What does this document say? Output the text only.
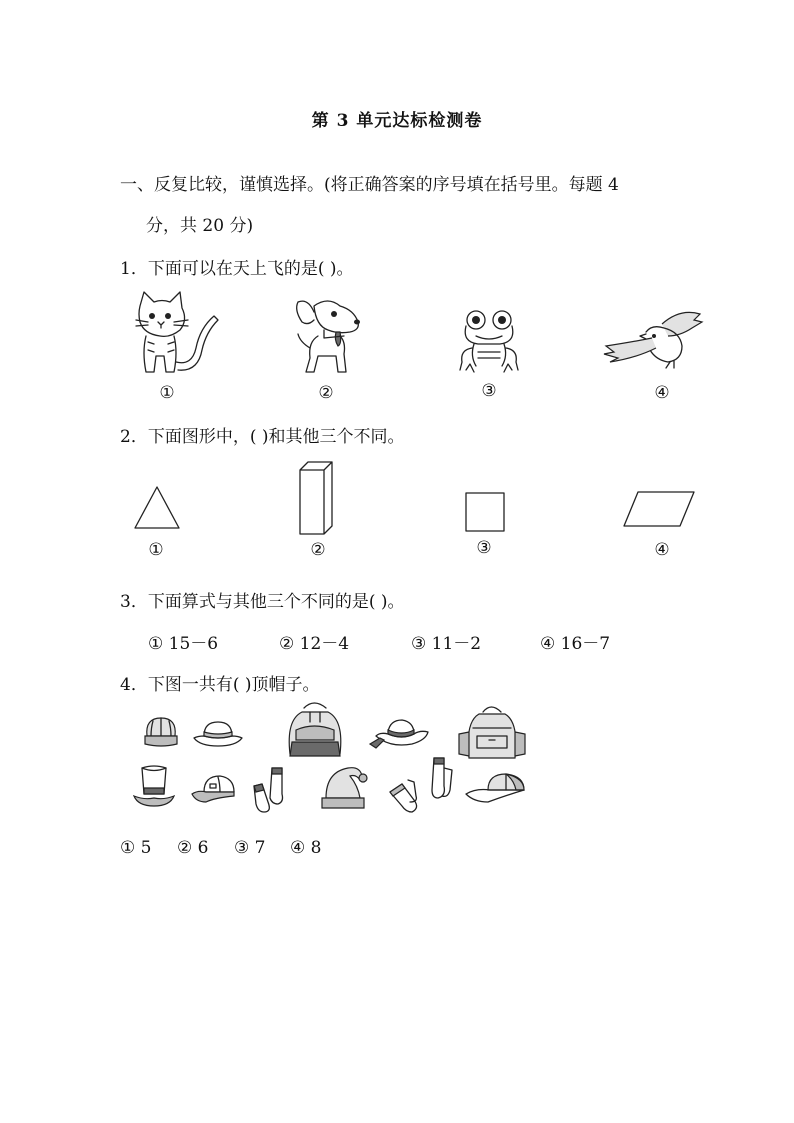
第 3 单元达标检测卷
一、反复比较，谨慎选择。(将正确答案的序号填在括号里。每题 4
分，共 20 分)
1．下面可以在天上飞的是( )。
①	②	③	④
2．下面图形中，( )和其他三个不同。
①	②	③	④
3．下面算式与其他三个不同的是( )。
① 15－6	② 12－4	③ 11－2	④ 16－7
4．下图一共有( )顶帽子。
① 5 ② 6 ③ 7 ④ 8
